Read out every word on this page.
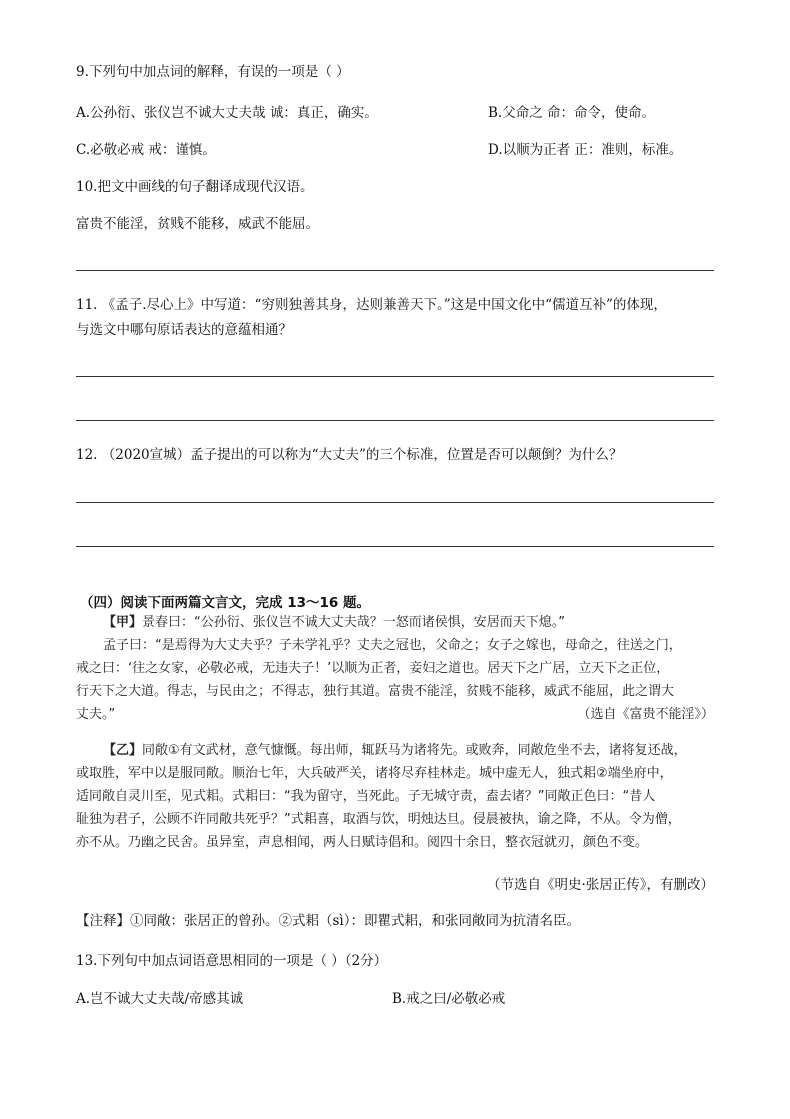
9.下列句中加点词的解释，有误的一项是（ ）
A.公孙衍、张仪岂不诚大丈夫哉 诚：真正，确实。	B.父命之 命：命令，使命。
C.必敬必戒 戒：谨慎。	D.以顺为正者 正：准则，标准。
10.把文中画线的句子翻译成现代汉语。
富贵不能淫，贫贱不能移，威武不能屈。
11. 《孟子.尽心上》中写道：“穷则独善其身，达则兼善天下。”这是中国文化中“儒道互补”的体现，
与选文中哪句原话表达的意蕴相通？
12. （2020宣城）孟子提出的可以称为“大丈夫”的三个标准，位置是否可以颠倒？为什么？
（四）阅读下面两篇文言文，完成 13～16 题。
【甲】景春曰：“公孙衍、张仪岂不诚大丈夫哉？一怒而诸侯惧，安居而天下熄。”
孟子曰：“是焉得为大丈夫乎？子未学礼乎？丈夫之冠也，父命之；女子之嫁也，母命之，往送之门，
戒之曰：‘往之女家，必敬必戒，无违夫子！’以顺为正者，妾妇之道也。居天下之广居，立天下之正位，
行天下之大道。得志，与民由之；不得志，独行其道。富贵不能淫，贫贱不能移，威武不能屈，此之谓大
丈夫。”	（选自《富贵不能淫》）
【乙】同敞①有文武材，意气慷慨。每出师，辄跃马为诸将先。或败奔，同敞危坐不去，诸将复还战，
或取胜，军中以是服同敞。顺治七年，大兵破严关，诸将尽弃桂林走。城中虚无人，独式耜②端坐府中，
适同敞自灵川至，见式耜。式耜曰：“我为留守，当死此。子无城守责，盍去诸？”同敞正色曰：“昔人
耻独为君子，公顾不许同敞共死乎？”式耜喜，取酒与饮，明烛达旦。侵晨被执，谕之降，不从。令为僧，
亦不从。乃幽之民舍。虽异室，声息相闻，两人日赋诗倡和。阅四十余日，整衣冠就刃，颜色不变。
（节选自《明史·张居正传》，有删改）
【注释】①同敞：张居正的曾孙。②式耜（sì）：即瞿式耜，和张同敞同为抗清名臣。
13.下列句中加点词语意思相同的一项是（ ）（2分）
A.岂不诚大丈夫哉/帝感其诚	B.戒之曰/必敬必戒
